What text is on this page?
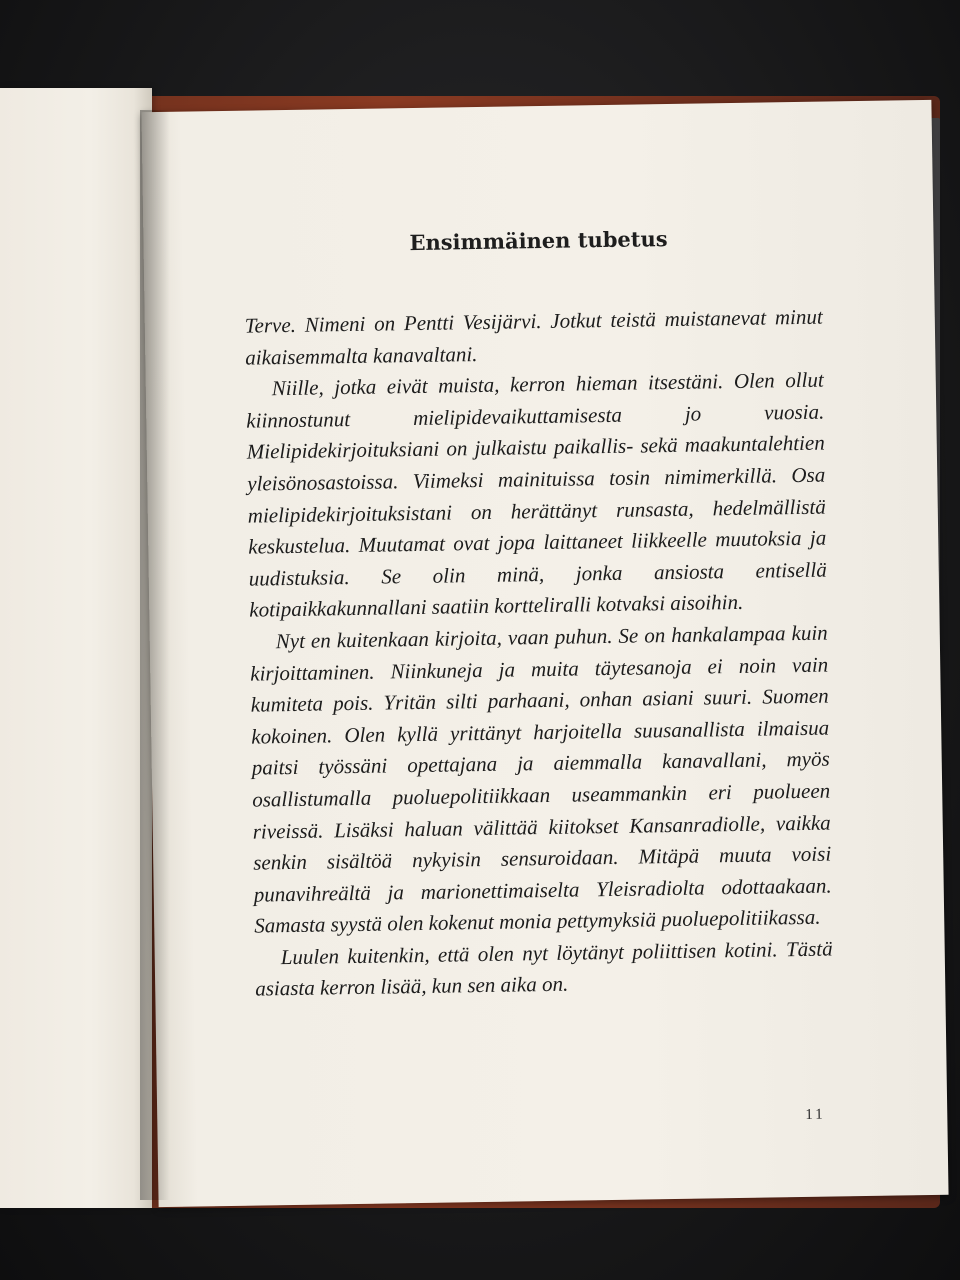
Ensimmäinen tubetus

Terve. Nimeni on Pentti Vesijärvi. Jotkut teistä muistanevat minut aikaisemmalta kanavaltani.

Niille, jotka eivät muista, kerron hieman itsestäni. Olen ollut kiinnostunut mielipidevaikuttamisesta jo vuosia. Mielipidekirjoituksiani on julkaistu paikallis- sekä maakuntalehtien yleisönosastoissa. Viimeksi mainituissa tosin nimimerkillä. Osa mielipidekirjoituksistani on herättänyt runsasta, hedelmällistä keskustelua. Muutamat ovat jopa laittaneet liikkeelle muutoksia ja uudistuksia. Se olin minä, jonka ansiosta entisellä kotipaikkakunnallani saatiin kortteliralli kotvaksi aisoihin.

Nyt en kuitenkaan kirjoita, vaan puhun. Se on hankalampaa kuin kirjoittaminen. Niinkuneja ja muita täytesanoja ei noin vain kumiteta pois. Yritän silti parhaani, onhan asiani suuri. Suomen kokoinen. Olen kyllä yrittänyt harjoitella suusanallista ilmaisua paitsi työssäni opettajana ja aiemmalla kanavallani, myös osallistumalla puoluepolitiikkaan useammankin eri puolueen riveissä. Lisäksi haluan välittää kiitokset Kansanradiolle, vaikka senkin sisältöä nykyisin sensuroidaan. Mitäpä muuta voisi punavihreältä ja marionettimaiselta Yleisradiolta odottaakaan. Samasta syystä olen kokenut monia pettymyksiä puoluepolitiikassa.

Luulen kuitenkin, että olen nyt löytänyt poliittisen kotini. Tästä asiasta kerron lisää, kun sen aika on.

11
